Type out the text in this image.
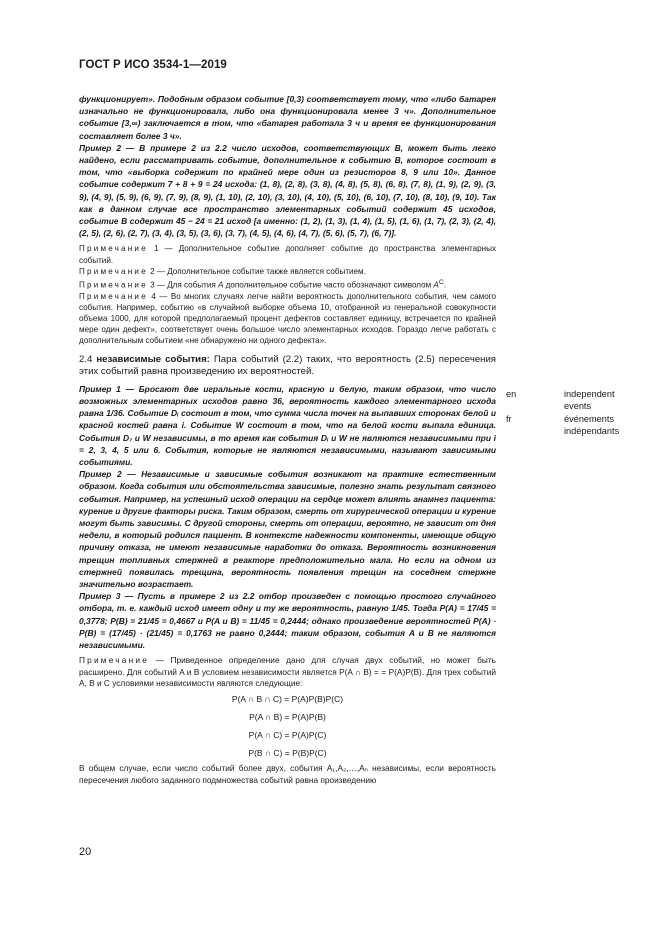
ГОСТ Р ИСО 3534-1—2019

функционирует». Подобным образом событие [0,3) соответствует тому, что «либо батарея изначально не функционировала, либо она функционировала менее 3 ч». Дополнительное событие [3,∞) заключается в том, что «батарея работала 3 ч и время ее функционирования составляет более 3 ч».

Пример 2 — В примере 2 из 2.2 число исходов, соответствующих B, может быть легко найдено, если рассматривать событие, дополнительное к событию B, которое состоит в том, что «выборка содержит по крайней мере один из резисторов 8, 9 или 10». Данное событие содержит 7 + 8 + 9 = 24 исхода: (1, 8), (2, 8), (3, 8), (4, 8), (5, 8), (6, 8), (7, 8), (1, 9), (2, 9), (3, 9), (4, 9), (5, 9), (6, 9), (7, 9), (8, 9), (1, 10), (2, 10), (3, 10), (4, 10), (5, 10), (6, 10), (7, 10), (8, 10), (9, 10). Так как в данном случае все пространство элементарных событий содержит 45 исходов, событие B содержит 45 − 24 = 21 исход [а именно: (1, 2), (1, 3), (1, 4), (1, 5), (1, 6), (1, 7), (2, 3), (2, 4), (2, 5), (2, 6), (2, 7), (3, 4), (3, 5), (3, 6), (3, 7), (4, 5), (4, 6), (4, 7), (5, 6), (5, 7), (6, 7)].

Примечание 1 — Дополнительное событие дополняет событие до пространства элементарных событий.

Примечание 2 — Дополнительное событие также является событием.

Примечание 3 — Для события A дополнительное событие часто обозначают символом $A^C$.

Примечание 4 — Во многих случаях легче найти вероятность дополнительного события, чем самого события. Например, событию «в случайной выборке объема 10, отобранной из генеральной совокупности объема 1000, для которой предполагаемый процент дефектов составляет единицу, встречается по крайней мере один дефект», соответствует очень большое число элементарных исходов. Гораздо легче работать с дополнительным событием «не обнаружено ни одного дефекта».

2.4 независимые события: Пара событий (2.2) таких, что вероятность (2.5) пересечения этих событий равна произведению их вероятностей.

Пример 1 — Бросают две игральные кости, красную и белую, таким образом, что число возможных элементарных исходов равно 36, вероятность каждого элементарного исхода равна 1/36. Событие Dᵢ состоит в том, что сумма числа точек на выпавших сторонах белой и красной костей равна i. Событие W состоит в том, что на белой кости выпала единица. События D₇ и W независимы, в то время как события Dᵢ и W не являются независимыми при i = 2, 3, 4, 5 или 6. События, которые не являются независимыми, называют зависимыми событиями.

Пример 2 — Независимые и зависимые события возникают на практике естественным образом. Когда события или обстоятельства зависимые, полезно знать результат связного события. Например, на успешный исход операции на сердце может влиять анамнез пациента: курение и другие факторы риска. Таким образом, смерть от хирургической операции и курение могут быть зависимы. С другой стороны, смерть от операции, вероятно, не зависит от дня недели, в который родился пациент. В контексте надежности компоненты, имеющие общую причину отказа, не имеют независимые наработки до отказа. Вероятность возникновения трещин топливных стержней в реакторе предположительно мала. Но если на одном из стержней появилась трещина, вероятность появления трещин на соседнем стержне значительно возрастает.

Пример 3 — Пусть в примере 2 из 2.2 отбор произведен с помощью простого случайного отбора, т. е. каждый исход имеет одну и ту же вероятность, равную 1/45. Тогда P(A) = 17/45 = 0,3778; P(B) = 21/45 = 0,4667 и P(A и B) = 11/45 = 0,2444; однако произведение вероятностей P(A) · P(B) = (17/45) · (21/45) = 0,1763 не равно 0,2444; таким образом, события A и B не являются независимыми.

Примечание — Приведенное определение дано для случая двух событий, но может быть расширено. Для событий A и B условием независимости является P(A ∩ B) = = P(A)P(B). Для трех событий A, B и C условиями независимости являются следующие:

P(A ∩ B ∩ C) = P(A)P(B)P(C)
P(A ∩ B) = P(A)P(B)
P(A ∩ C) = P(A)P(C)
P(B ∩ C) = P(B)P(C)

В общем случае, если число событий более двух, события A₁,A₂,…,Aₙ независимы, если вероятность пересечения любого заданного подмножества событий равна произведению

en	independent
events
fr	événements
indépendants
20
